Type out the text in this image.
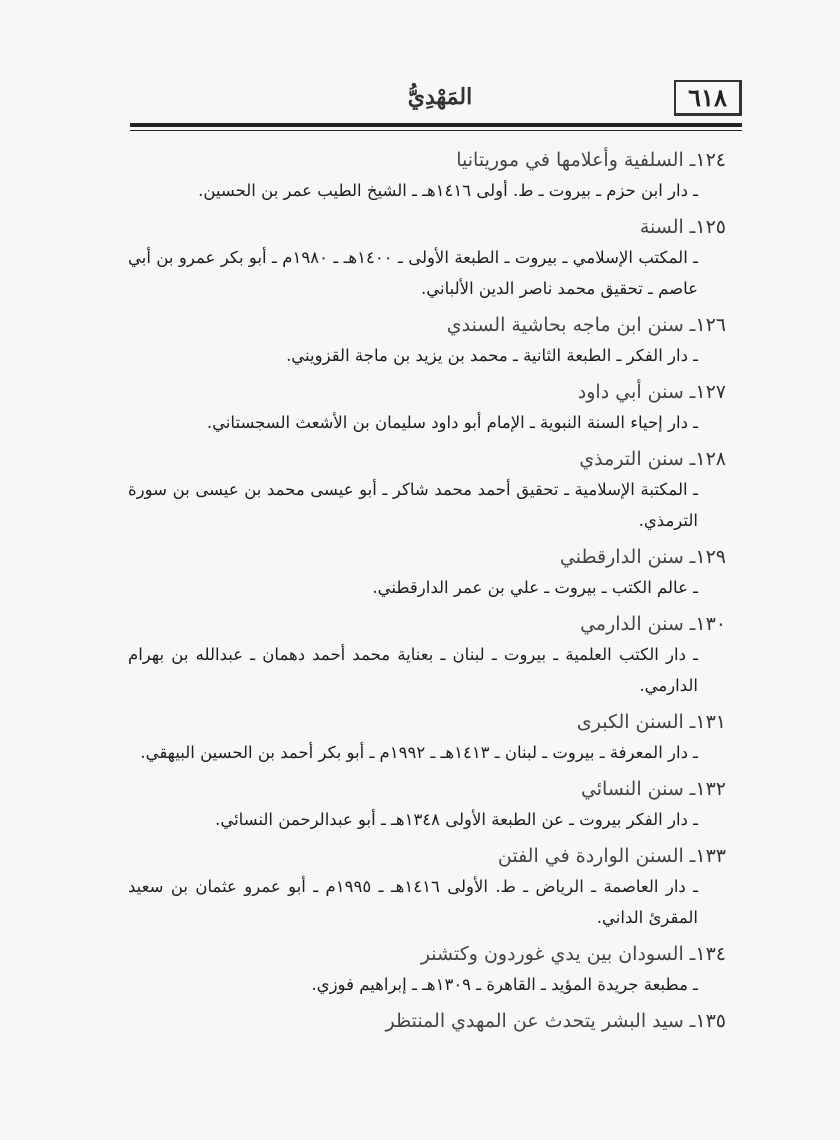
٦١٨
المَهْدِيُّ
١٢٤ـ السلفية وأعلامها في موريتانيا
ـ دار ابن حزم ـ بيروت ـ ط. أولى ١٤١٦هـ ـ الشيخ الطيب عمر بن الحسين.
١٢٥ـ السنة
ـ المكتب الإسلامي ـ بيروت ـ الطبعة الأولى ـ ١٤٠٠هـ ـ ١٩٨٠م ـ أبو بكر عمرو بن أبي عاصم ـ تحقيق محمد ناصر الدين الألباني.
١٢٦ـ سنن ابن ماجه بحاشية السندي
ـ دار الفكر ـ الطبعة الثانية ـ محمد بن يزيد بن ماجة القزويني.
١٢٧ـ سنن أبي داود
ـ دار إحياء السنة النبوية ـ الإمام أبو داود سليمان بن الأشعث السجستاني.
١٢٨ـ سنن الترمذي
ـ المكتبة الإسلامية ـ تحقيق أحمد محمد شاكر ـ أبو عيسى محمد بن عيسى بن سورة الترمذي.
١٢٩ـ سنن الدارقطني
ـ عالم الكتب ـ بيروت ـ علي بن عمر الدارقطني.
١٣٠ـ سنن الدارمي
ـ دار الكتب العلمية ـ بيروت ـ لبنان ـ بعناية محمد أحمد دهمان ـ عبدالله بن بهرام الدارمي.
١٣١ـ السنن الكبرى
ـ دار المعرفة ـ بيروت ـ لبنان ـ ١٤١٣هـ ـ ١٩٩٢م ـ أبو بكر أحمد بن الحسين البيهقي.
١٣٢ـ سنن النسائي
ـ دار الفكر بيروت ـ عن الطبعة الأولى ١٣٤٨هـ ـ أبو عبدالرحمن النسائي.
١٣٣ـ السنن الواردة في الفتن
ـ دار العاصمة ـ الرياض ـ ط. الأولى ١٤١٦هـ ـ ١٩٩٥م ـ أبو عمرو عثمان بن سعيد المقرئ الداني.
١٣٤ـ السودان بين يدي غوردون وكتشنر
ـ مطبعة جريدة المؤيد ـ القاهرة ـ ١٣٠٩هـ ـ إبراهيم فوزي.
١٣٥ـ سيد البشر يتحدث عن المهدي المنتظر
